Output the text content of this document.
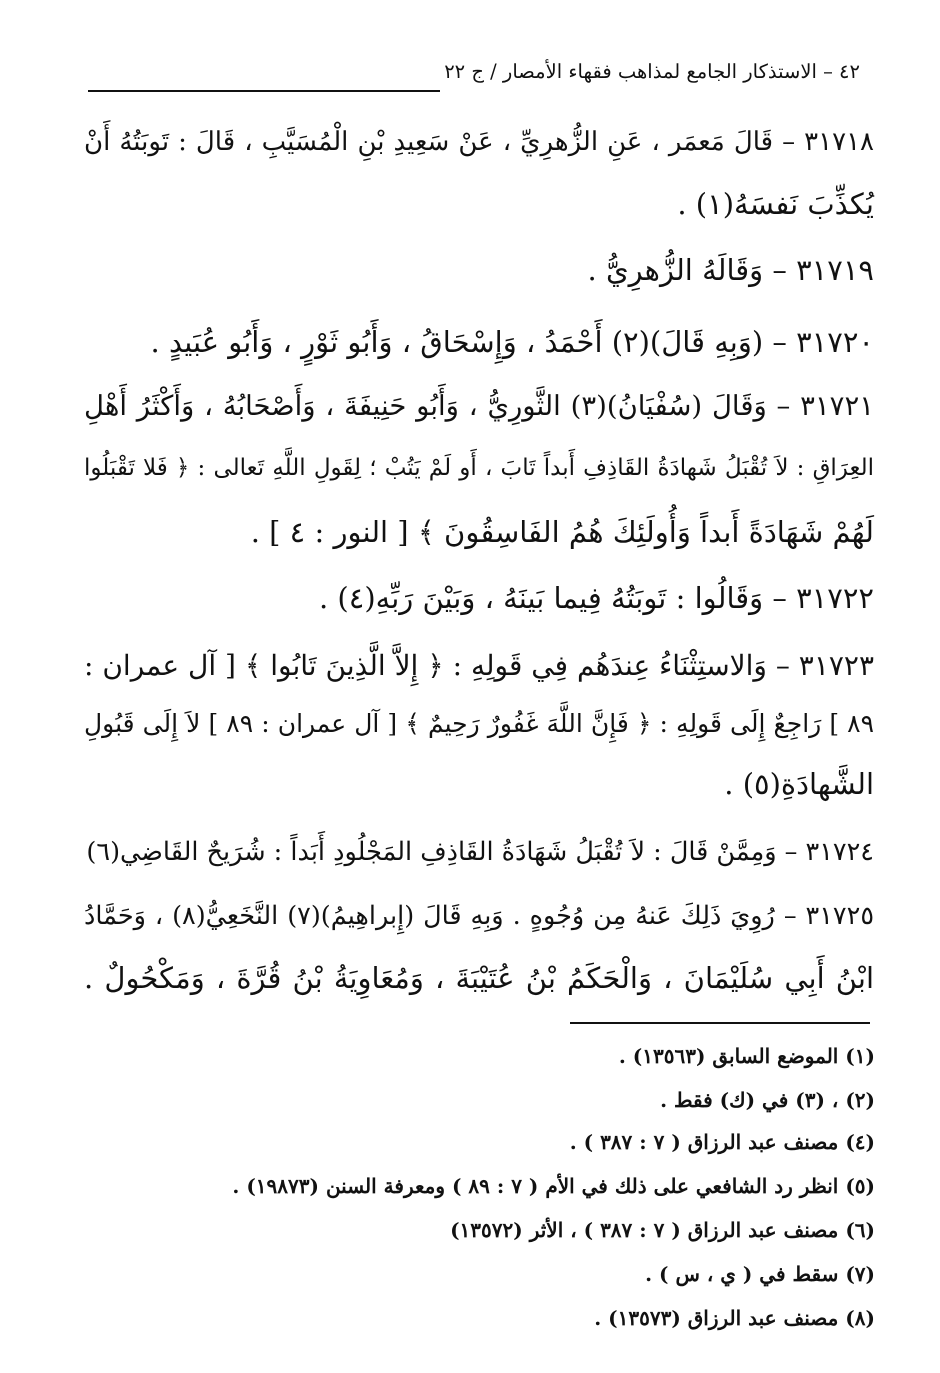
٤٢ – الاستذكار الجامع لمذاهب فقهاء الأمصار / ج ٢٢
٣١٧١٨ – قَالَ مَعمَر ، عَنِ الزُّهرِيِّ ، عَنْ سَعِيدِ بْنِ الْمُسَيَّبِ ، قَالَ : تَوبَتُهُ أَنْ
يُكذِّبَ نَفسَهُ(١) .
٣١٧١٩ – وَقَالَهُ الزُّهرِيُّ .
٣١٧٢٠ – (وَبِهِ قَالَ)(٢) أَحْمَدُ ، وَإِسْحَاقُ ، وَأَبُو ثَوْرٍ ، وَأَبُو عُبَيدٍ .
٣١٧٢١ – وَقَالَ (سُفْيَانُ)(٣) الثَّورِيُّ ، وَأَبُو حَنِيفَةَ ، وَأَصْحَابُهُ ، وَأَكْثَرُ أَهْلِ
العِرَاقِ : لاَ تُقْبَلُ شَهادَةُ القَاذِفِ أَبداً تَابَ ، أَو لَمْ يَتُبْ ؛ لِقَولِ اللَّهِ تَعالى : ﴿ فَلا تَقْبَلُوا
لَهُمْ شَهَادَةً أَبداً وَأُولَئِكَ هُمُ الفَاسِقُونَ ﴾ [ النور : ٤ ] .
٣١٧٢٢ – وَقَالُوا : تَوبَتُهُ فِيما بَينَهُ ، وَبَيْنَ رَبِّهِ(٤) .
٣١٧٢٣ – وَالاستِثْنَاءُ عِندَهُم فِي قَولِهِ : ﴿ إِلاَّ الَّذِينَ تَابُوا ﴾ [ آل عمران :
٨٩ ] رَاجِعٌ إِلَى قَولِهِ : ﴿ فَإِنَّ اللَّهَ غَفُورٌ رَحِيمٌ ﴾ [ آل عمران : ٨٩ ] لاَ إِلَى قَبُولِ
الشَّهادَةِ(٥) .
٣١٧٢٤ – وَمِمَّنْ قَالَ : لاَ تُقْبَلُ شَهَادَةُ القَاذِفِ المَجْلُودِ أَبَداً : شُرَيحٌ القَاضِي(٦)
٣١٧٢٥ – رُوِيَ ذَلِكَ عَنهُ مِن وُجُوهٍ . وَبِهِ قَالَ (إِبراهِيمُ)(٧) النَّخَعِيُّ(٨) ، وَحَمَّادُ
ابْنُ أَبِي سُلَيْمَانَ ، وَالْحَكَمُ بْنُ عُتَيْبَةَ ، وَمُعَاوِيَةُ بْنُ قُرَّةَ ، وَمَكْحُولٌ .
(١) الموضع السابق (١٣٥٦٣) .
(٢) ، (٣) في (ك) فقط .
(٤) مصنف عبد الرزاق ( ٧ : ٣٨٧ ) .
(٥) انظر رد الشافعي على ذلك في الأم ( ٧ : ٨٩ ) ومعرفة السنن (١٩٨٧٣) .
(٦) مصنف عبد الرزاق ( ٧ : ٣٨٧ ) ، الأثر (١٣٥٧٢)
(٧) سقط في ( ي ، س ) .
(٨) مصنف عبد الرزاق (١٣٥٧٣) .
